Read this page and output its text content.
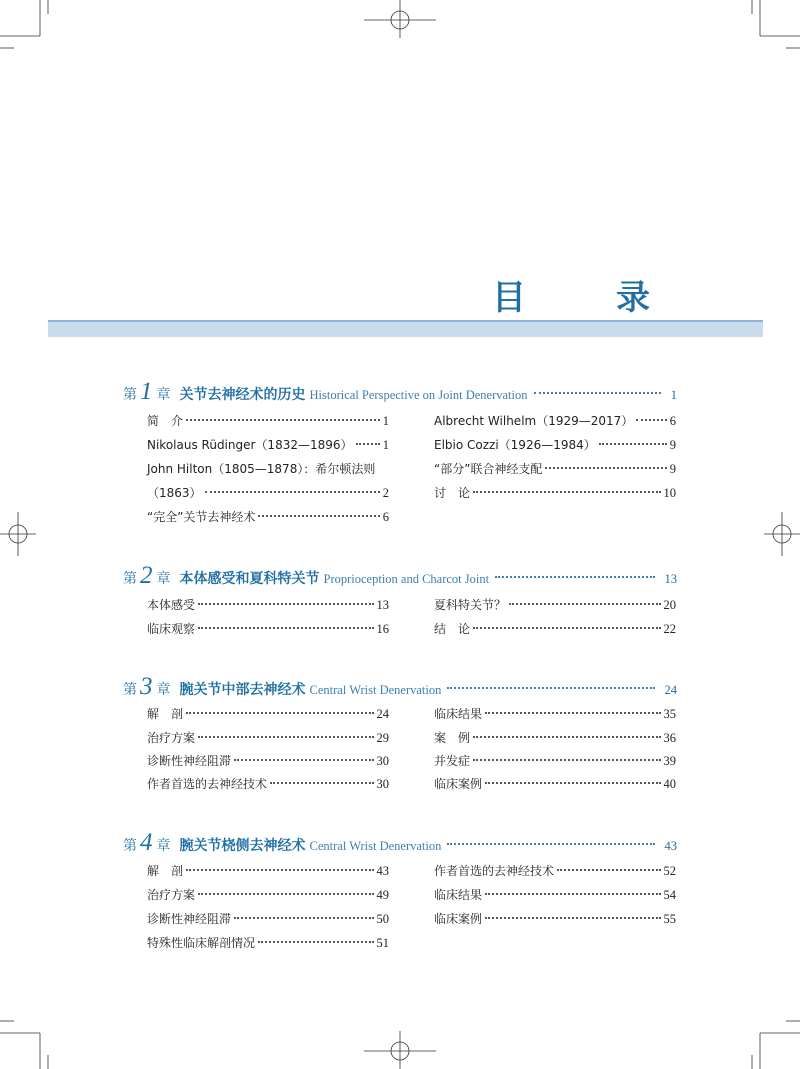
目　录
第 1 章 关节去神经术的历史 Historical Perspective on Joint Denervation	1
简　介	1
Nikolaus Rüdinger（1832—1896） 1
John Hilton（1805—1878）：希尔顿法则
（1863）	2
“完全”关节去神经术	6
Albrecht Wilhelm（1929—2017）	6
Elbio Cozzi（1926—1984）	9
“部分”联合神经支配	9
讨　论	10
第 2 章 本体感受和夏科特关节 Proprioception and Charcot Joint	13
本体感受	13
临床观察	16
夏科特关节？	20
结　论	22
第 3 章 腕关节中部去神经术 Central Wrist Denervation	24
解　剖	24
治疗方案	29
诊断性神经阻滞	30
作者首选的去神经技术	30
临床结果	35
案　例	36
并发症	39
临床案例	40
第 4 章 腕关节桡侧去神经术 Central Wrist Denervation	43
解　剖	43
治疗方案	49
诊断性神经阻滞	50
特殊性临床解剖情况	51
作者首选的去神经技术	52
临床结果	54
临床案例	55
